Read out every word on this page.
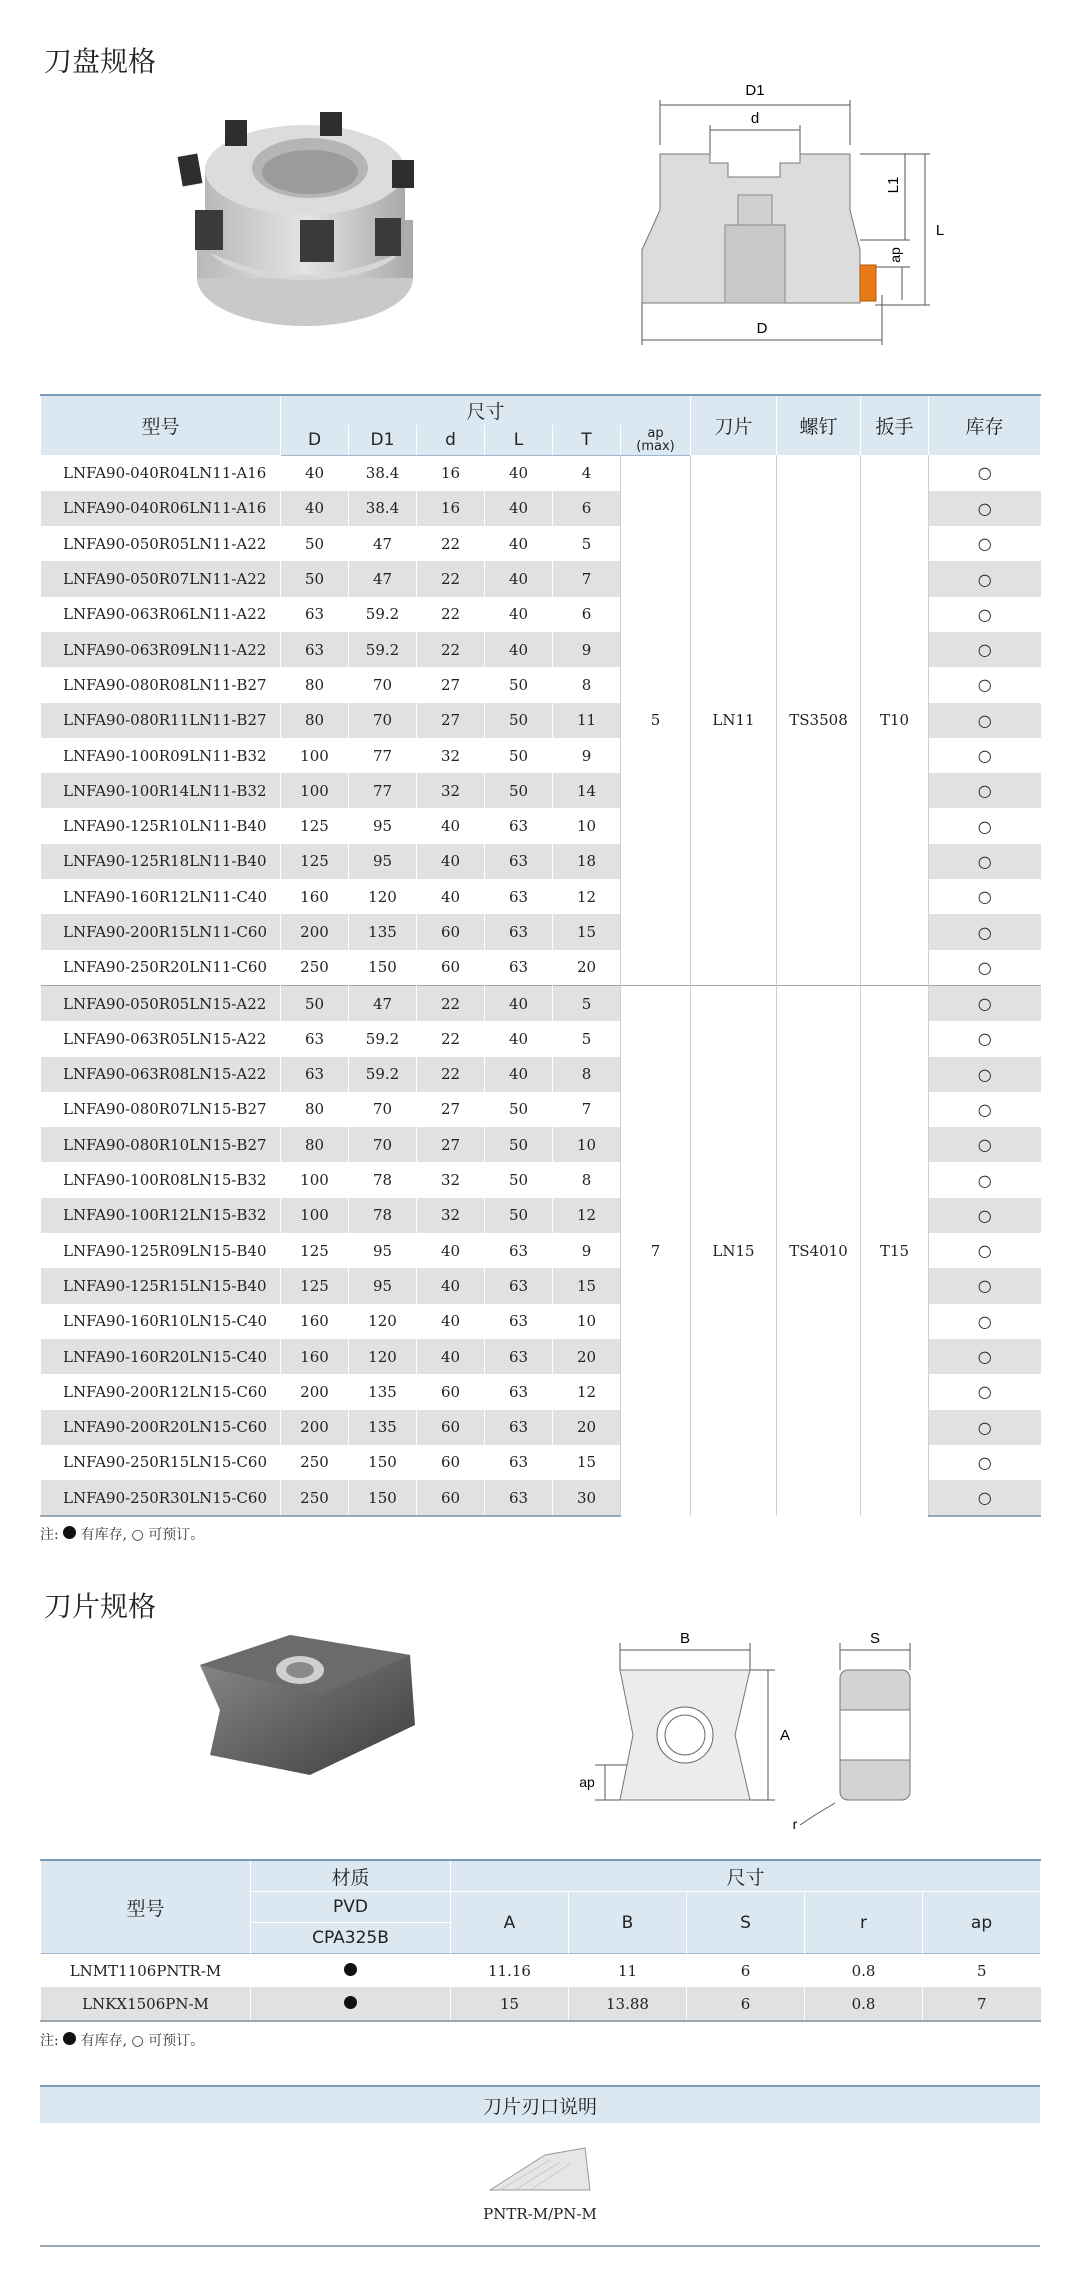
刀盘规格
D1
d
D
L1
L
ap
型号	尺寸						刀片	螺钉	扳手	库存
	D	D1	d	L	T	ap
(max)				
LNFA90-040R04LN11-A16	40	38.4	16	40	4	5	LN11	TS3508	T10	○
LNFA90-040R06LN11-A16	40	38.4	16	40	6					○
LNFA90-050R05LN11-A22	50	47	22	40	5					○
LNFA90-050R07LN11-A22	50	47	22	40	7					○
LNFA90-063R06LN11-A22	63	59.2	22	40	6					○
LNFA90-063R09LN11-A22	63	59.2	22	40	9					○
LNFA90-080R08LN11-B27	80	70	27	50	8					○
LNFA90-080R11LN11-B27	80	70	27	50	11					○
LNFA90-100R09LN11-B32	100	77	32	50	9					○
LNFA90-100R14LN11-B32	100	77	32	50	14					○
LNFA90-125R10LN11-B40	125	95	40	63	10					○
LNFA90-125R18LN11-B40	125	95	40	63	18					○
LNFA90-160R12LN11-C40	160	120	40	63	12					○
LNFA90-200R15LN11-C60	200	135	60	63	15					○
LNFA90-250R20LN11-C60	250	150	60	63	20					○
LNFA90-050R05LN15-A22	50	47	22	40	5	7	LN15	TS4010	T15	○
LNFA90-063R05LN15-A22	63	59.2	22	40	5					○
LNFA90-063R08LN15-A22	63	59.2	22	40	8					○
LNFA90-080R07LN15-B27	80	70	27	50	7					○
LNFA90-080R10LN15-B27	80	70	27	50	10					○
LNFA90-100R08LN15-B32	100	78	32	50	8					○
LNFA90-100R12LN15-B32	100	78	32	50	12					○
LNFA90-125R09LN15-B40	125	95	40	63	9					○
LNFA90-125R15LN15-B40	125	95	40	63	15					○
LNFA90-160R10LN15-C40	160	120	40	63	10					○
LNFA90-160R20LN15-C40	160	120	40	63	20					○
LNFA90-200R12LN15-C60	200	135	60	63	12					○
LNFA90-200R20LN15-C60	200	135	60	63	20					○
LNFA90-250R15LN15-C60	250	150	60	63	15					○
LNFA90-250R30LN15-C60	250	150	60	63	30					○
注: 有库存, ○ 可预订。
刀片规格
B
A
ap
S
r
型号	材质	尺寸				
	PVD	A	B	S	r	ap
	CPA325B					
LNMT1106PNTR-M		11.16	11	6	0.8	5
LNKX1506PN-M		15	13.88	6	0.8	7
注: 有库存, ○ 可预订。
刀片刃口说明
PNTR-M/PN-M
